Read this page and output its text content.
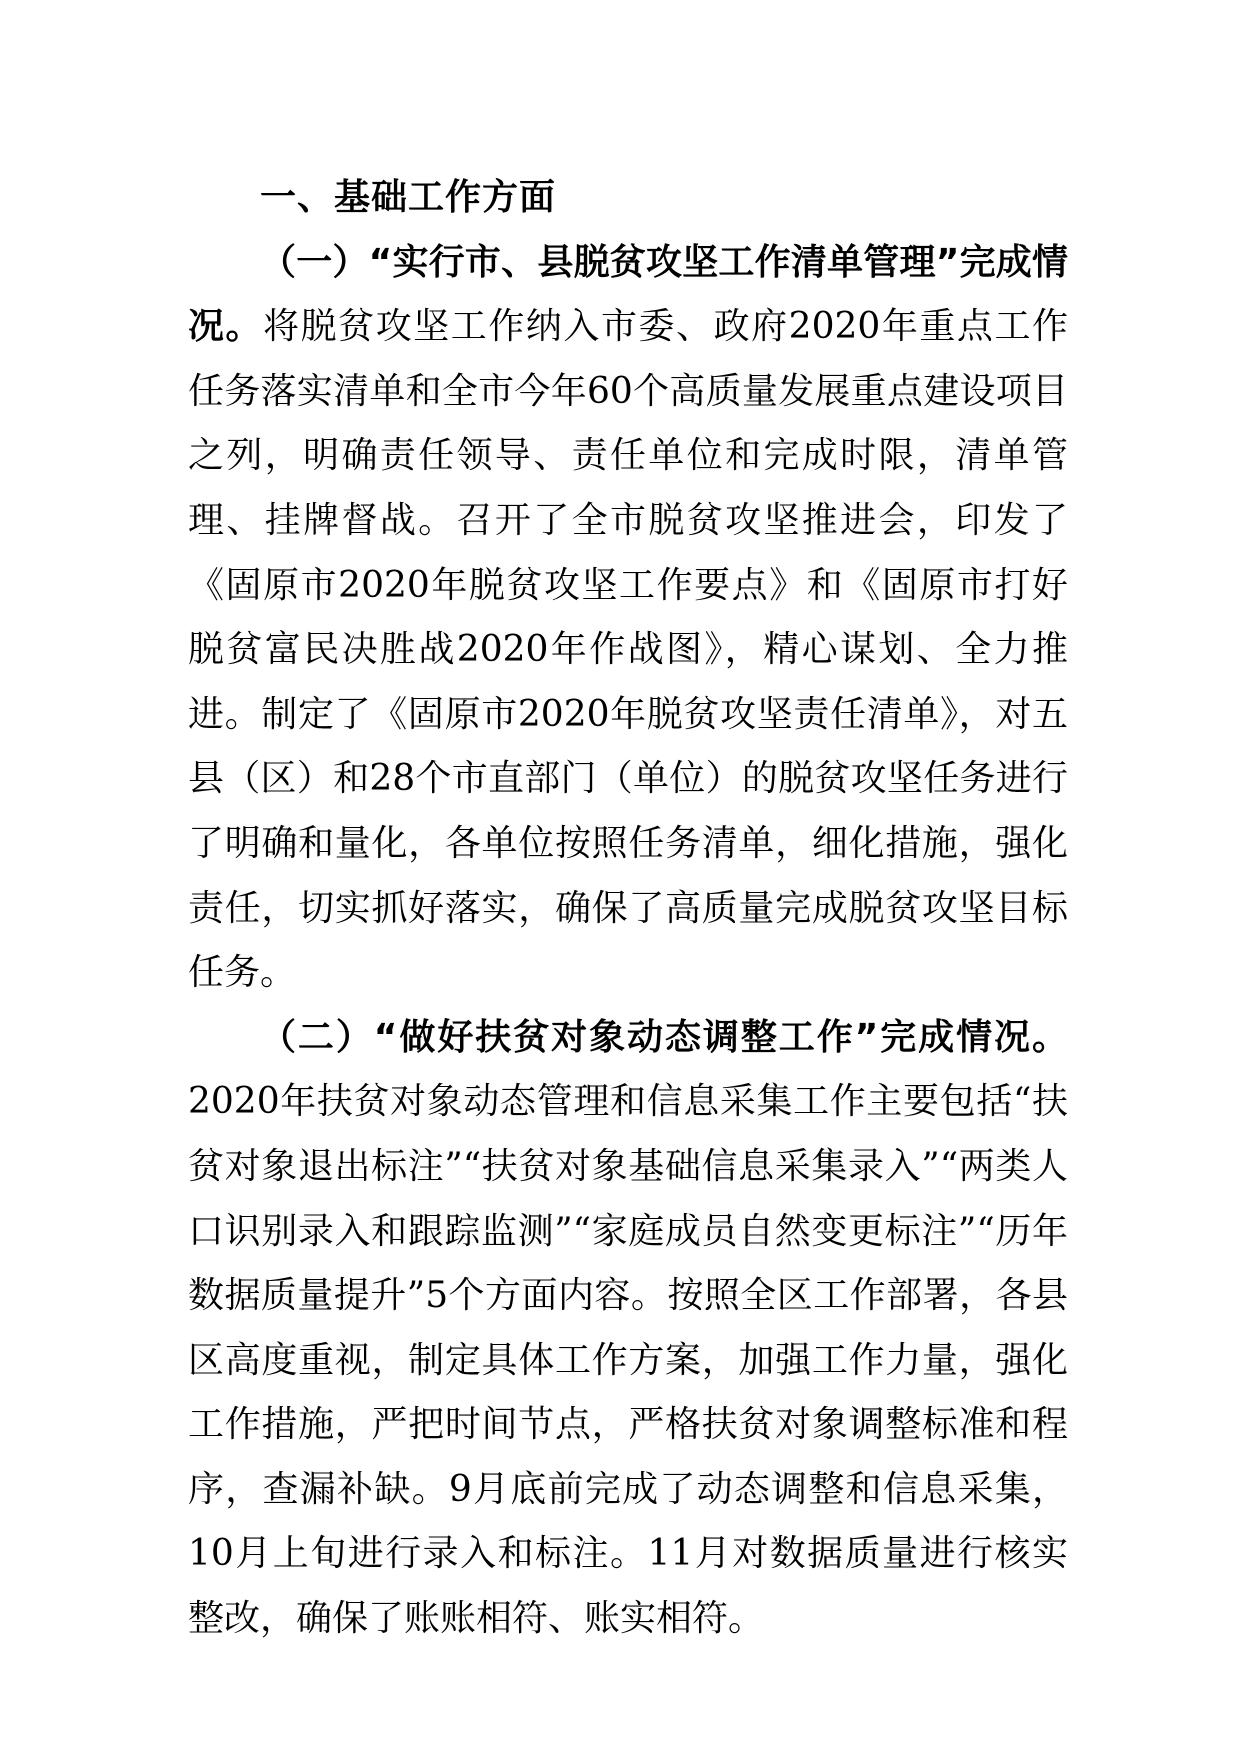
一、基础工作方面

（一）“实行市、县脱贫攻坚工作清单管理”完成情况。将脱贫攻坚工作纳入市委、政府2020年重点工作任务落实清单和全市今年60个高质量发展重点建设项目之列，明确责任领导、责任单位和完成时限，清单管理、挂牌督战。召开了全市脱贫攻坚推进会，印发了《固原市2020年脱贫攻坚工作要点》和《固原市打好脱贫富民决胜战2020年作战图》，精心谋划、全力推进。制定了《固原市2020年脱贫攻坚责任清单》，对五县（区）和28个市直部门（单位）的脱贫攻坚任务进行了明确和量化，各单位按照任务清单，细化措施，强化责任，切实抓好落实，确保了高质量完成脱贫攻坚目标任务。

（二）“做好扶贫对象动态调整工作”完成情况。2020年扶贫对象动态管理和信息采集工作主要包括“扶贫对象退出标注”“扶贫对象基础信息采集录入”“两类人口识别录入和跟踪监测”“家庭成员自然变更标注”“历年数据质量提升”5个方面内容。按照全区工作部署，各县区高度重视，制定具体工作方案，加强工作力量，强化工作措施，严把时间节点，严格扶贫对象调整标准和程序，查漏补缺。9月底前完成了动态调整和信息采集，10月上旬进行录入和标注。11月对数据质量进行核实整改，确保了账账相符、账实相符。
